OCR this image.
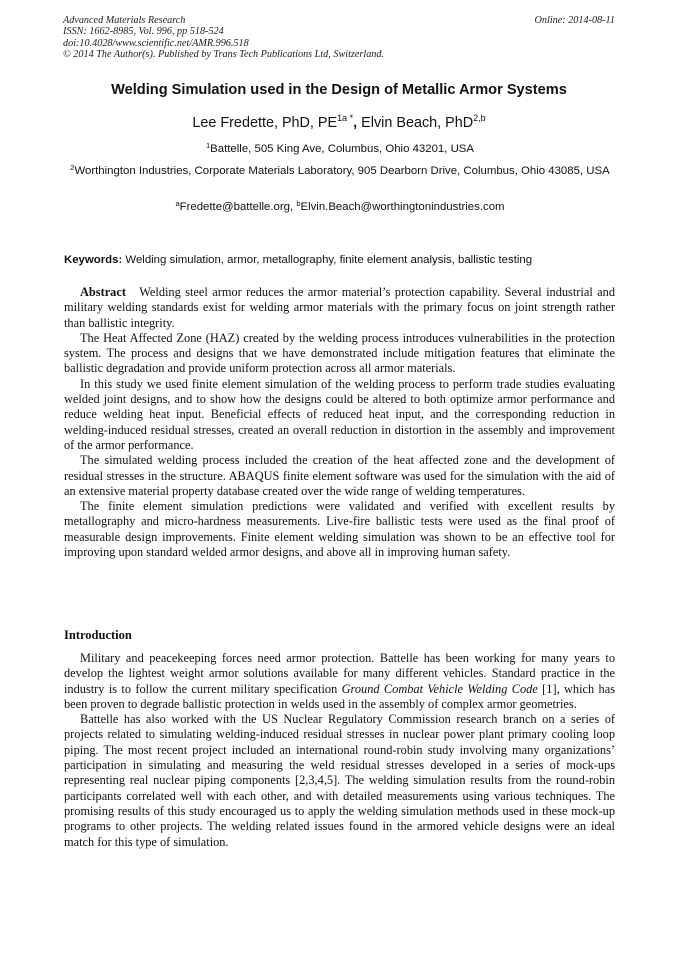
Advanced Materials Research
ISSN: 1662-8985, Vol. 996, pp 518-524
doi:10.4028/www.scientific.net/AMR.996.518
© 2014 The Author(s). Published by Trans Tech Publications Ltd, Switzerland.
Online: 2014-08-11
Welding Simulation used in the Design of Metallic Armor Systems
Lee Fredette, PhD, $PE^{1a *}$, Elvin Beach, PhD$^{2,b}$
$^1$Battelle, 505 King Ave, Columbus, Ohio 43201, USA
$^2$Worthington Industries, Corporate Materials Laboratory, 905 Dearborn Drive, Columbus, Ohio 43085, USA
$^a$Fredette@battelle.org, $^b$Elvin.Beach@worthingtonindustries.com
Keywords: Welding simulation, armor, metallography, finite element analysis, ballistic testing

Abstract Welding steel armor reduces the armor material’s protection capability. Several industrial and military welding standards exist for welding armor materials with the primary focus on joint strength rather than ballistic integrity.

The Heat Affected Zone (HAZ) created by the welding process introduces vulnerabilities in the protection system. The process and designs that we have demonstrated include mitigation features that eliminate the ballistic degradation and provide uniform protection across all armor materials.

In this study we used finite element simulation of the welding process to perform trade studies evaluating welded joint designs, and to show how the designs could be altered to both optimize armor performance and reduce welding heat input. Beneficial effects of reduced heat input, and the corresponding reduction in welding-induced residual stresses, created an overall reduction in distortion in the assembly and improvement of the armor performance.

The simulated welding process included the creation of the heat affected zone and the development of residual stresses in the structure. ABAQUS finite element software was used for the simulation with the aid of an extensive material property database created over the wide range of welding temperatures.

The finite element simulation predictions were validated and verified with excellent results by metallography and micro-hardness measurements. Live-fire ballistic tests were used as the final proof of measurable design improvements. Finite element welding simulation was shown to be an effective tool for improving upon standard welded armor designs, and above all in improving human safety.

Introduction

Military and peacekeeping forces need armor protection. Battelle has been working for many years to develop the lightest weight armor solutions available for many different vehicles. Standard practice in the industry is to follow the current military specification Ground Combat Vehicle Welding Code [1], which has been proven to degrade ballistic protection in welds used in the assembly of complex armor geometries.

Battelle has also worked with the US Nuclear Regulatory Commission research branch on a series of projects related to simulating welding-induced residual stresses in nuclear power plant primary cooling loop piping. The most recent project included an international round-robin study involving many organizations’ participation in simulating and measuring the weld residual stresses developed in a series of mock-ups representing real nuclear piping components [2,3,4,5]. The welding simulation results from the round-robin participants correlated well with each other, and with detailed measurements using various techniques. The promising results of this study encouraged us to apply the welding simulation methods used in these mock-up programs to other projects. The welding related issues found in the armored vehicle designs were an ideal match for this type of simulation.
